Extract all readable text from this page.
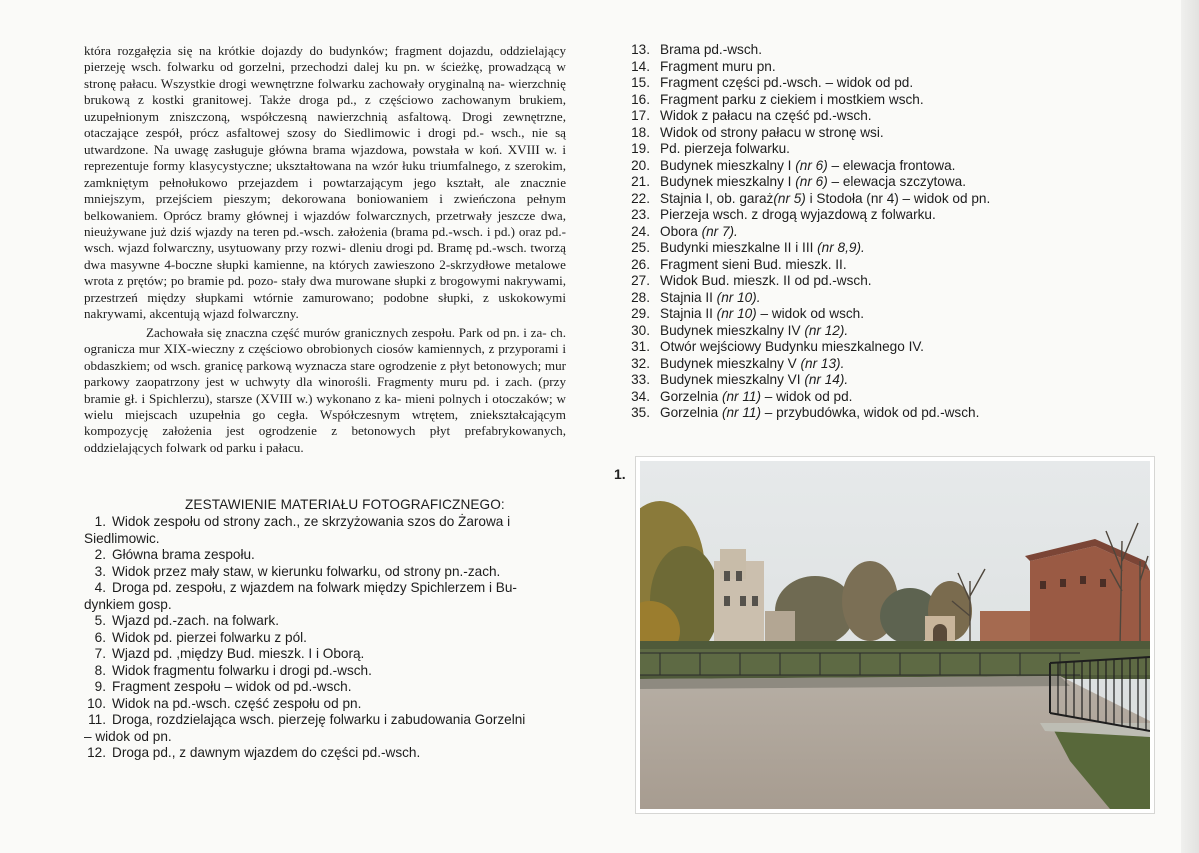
która rozgałęzia się na krótkie dojazdy do budynków; fragment dojazdu, oddzielający pierzeję wsch. folwarku od gorzelni, przechodzi dalej ku pn. w ścieżkę, prowadzącą w stronę pałacu. Wszystkie drogi wewnętrzne folwarku zachowały oryginalną na- wierzchnię brukową z kostki granitowej. Także droga pd., z częściowo zachowanym brukiem, uzupełnionym zniszczoną, współczesną nawierzchnią asfaltową. Drogi zewnętrzne, otaczające zespół, prócz asfaltowej szosy do Siedlimowic i drogi pd.- wsch., nie są utwardzone. Na uwagę zasługuje główna brama wjazdowa, powstała w koń. XVIII w. i reprezentuje formy klasycystyczne; ukształtowana na wzór łuku triumfalnego, z szerokim, zamkniętym pełnołukowo przejazdem i powtarzającym jego kształt, ale znacznie mniejszym, przejściem pieszym; dekorowana boniowaniem i zwieńczona pełnym belkowaniem. Oprócz bramy głównej i wjazdów folwarcznych, przetrwały jeszcze dwa, nieużywane już dziś wjazdy na teren pd.-wsch. założenia (brama pd.-wsch. i pd.) oraz pd.-wsch. wjazd folwarczny, usytuowany przy rozwi- dleniu drogi pd. Bramę pd.-wsch. tworzą dwa masywne 4-boczne słupki kamienne, na których zawieszono 2-skrzydłowe metalowe wrota z prętów; po bramie pd. pozo- stały dwa murowane słupki z brogowymi nakrywami, przestrzeń między słupkami wtórnie zamurowano; podobne słupki, z uskokowymi nakrywami, akcentują wjazd folwarczny.

Zachowała się znaczna część murów granicznych zespołu. Park od pn. i za- ch. ogranicza mur XIX-wieczny z częściowo obrobionych ciosów kamiennych, z przyporami i obdaszkiem; od wsch. granicę parkową wyznacza stare ogrodzenie z płyt betonowych; mur parkowy zaopatrzony jest w uchwyty dla winorośli. Fragmenty muru pd. i zach. (przy bramie gł. i Spichlerzu), starsze (XVIII w.) wykonano z ka- mieni polnych i otoczaków; w wielu miejscach uzupełnia go cegła. Współczesnym wtrętem, zniekształcającym kompozycję założenia jest ogrodzenie z betonowych płyt prefabrykowanych, oddzielających folwark od parku i pałacu.

ZESTAWIENIE MATERIAŁU FOTOGRAFICZNEGO:
1. Widok zespołu od strony zach., ze skrzyżowania szos do Żarowa i
Siedlimowic.
2. Główna brama zespołu.
3. Widok przez mały staw, w kierunku folwarku, od strony pn.-zach.
4. Droga pd. zespołu, z wjazdem na folwark między Spichlerzem i Bu-
dynkiem gosp.
5. Wjazd pd.-zach. na folwark.
6. Widok pd. pierzei folwarku z pól.
7. Wjazd pd. ,między Bud. mieszk. I i Oborą.
8. Widok fragmentu folwarku i drogi pd.-wsch.
9. Fragment zespołu – widok od pd.-wsch.
10. Widok na pd.-wsch. część zespołu od pn.
11. Droga, rozdzielająca wsch. pierzeję folwarku i zabudowania Gorzelni
– widok od pn.
12. Droga pd., z dawnym wjazdem do części pd.-wsch.
13. Brama pd.-wsch.
14. Fragment muru pn.
15. Fragment części pd.-wsch. – widok od pd.
16. Fragment parku z ciekiem i mostkiem wsch.
17. Widok z pałacu na część pd.-wsch.
18. Widok od strony pałacu w stronę wsi.
19. Pd. pierzeja folwarku.
20. Budynek mieszkalny I (nr 6) – elewacja frontowa.
21. Budynek mieszkalny I (nr 6) – elewacja szczytowa.
22. Stajnia I, ob. garaż(nr 5) i Stodoła (nr 4) – widok od pn.
23. Pierzeja wsch. z drogą wyjazdową z folwarku.
24. Obora (nr 7).
25. Budynki mieszkalne II i III (nr 8,9).
26. Fragment sieni Bud. mieszk. II.
27. Widok Bud. mieszk. II od pd.-wsch.
28. Stajnia II (nr 10).
29. Stajnia II (nr 10) – widok od wsch.
30. Budynek mieszkalny IV (nr 12).
31. Otwór wejściowy Budynku mieszkalnego IV.
32. Budynek mieszkalny V (nr 13).
33. Budynek mieszkalny VI (nr 14).
34. Gorzelnia (nr 11) – widok od pd.
35. Gorzelnia (nr 11) – przybudówka, widok od pd.-wsch.
1.
